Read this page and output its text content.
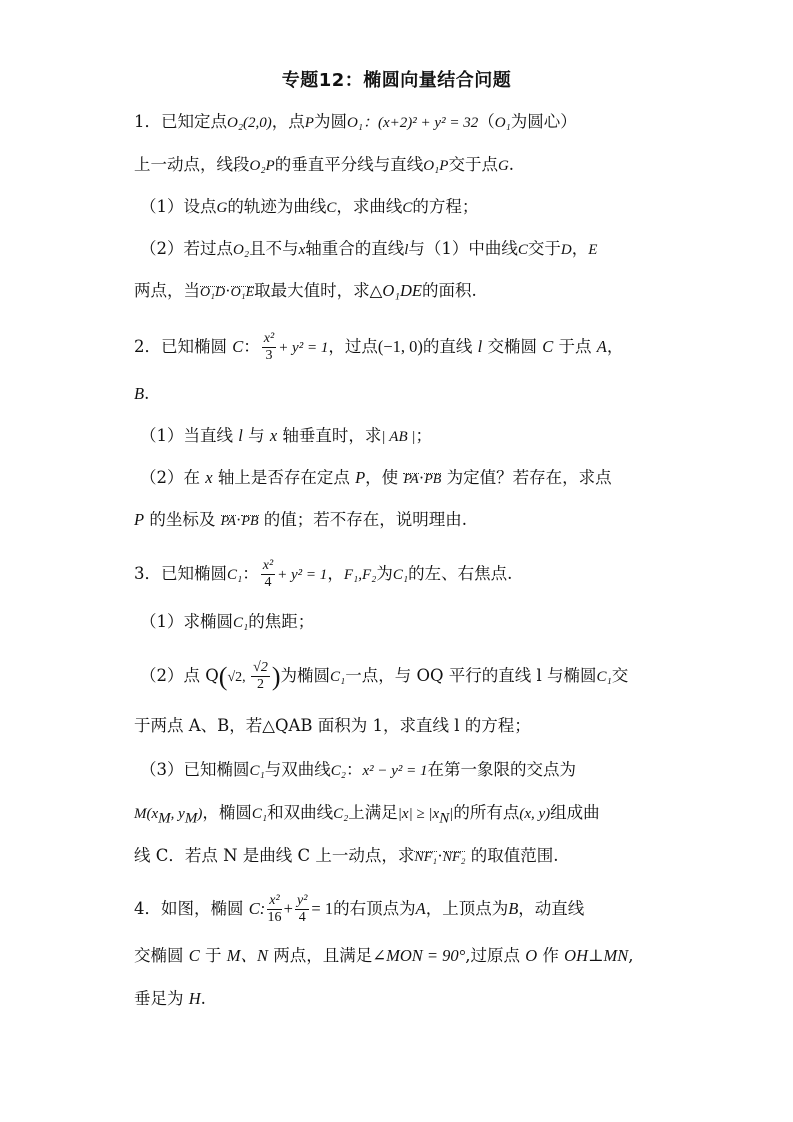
专题12：椭圆向量结合问题
1．已知定点O₂(2,0)，点P为圆O₁：(x+2)² + y² = 32（O₁为圆心）
上一动点，线段O₂P的垂直平分线与直线O₁P交于点G.
（1）设点G的轨迹为曲线C，求曲线C的方程；
（2）若过点O₂且不与x轴重合的直线l与（1）中曲线C交于D，E
两点，当O₁D·O₁E取最大值时，求△O₁DE的面积.
2．已知椭圆 C： $\frac{\text{x²}}{3} + y^2 = 1$，过点(−1, 0)的直线 l 交椭圆 C 于点 A，
B.
（1）当直线 l 与 x 轴垂直时，求| AB |；
（2）在 x 轴上是否存在定点 P，使 PA·PB 为定值？若存在，求点
P 的坐标及 PA·PB 的值；若不存在，说明理由.
3．已知椭圆C₁： $\frac{\text{x²}}{4} + y^2 = 1$，F₁,F₂为C₁的左、右焦点.
（1）求椭圆C₁的焦距；
（2）点 Q(√2, $\frac{√2}{2}$ )为椭圆C₁一点，与 OQ 平行的直线 l 与椭圆C₁交
于两点 A、B，若△QAB 面积为 1，求直线 l 的方程；
（3）已知椭圆C₁与双曲线C₂：x² − y² = 1在第一象限的交点为
$M(x_M$, $y_M$)，椭圆C₁和双曲线C₂上满足$|x| \ge |x_N|$的所有点(x, y)组成曲
线 C．若点 N 是曲线 C 上一动点，求NF₁·NF₂ 的取值范围.
4．如图，椭圆 C: $\frac{\text{x²}}{16} + \frac{\text{y²}}{4} = 1$的右顶点为A，上顶点为B，动直线
交椭圆 C 于 M、N 两点，且满足∠MON = 90°,过原点 O 作 OH⊥MN,
垂足为 H.
